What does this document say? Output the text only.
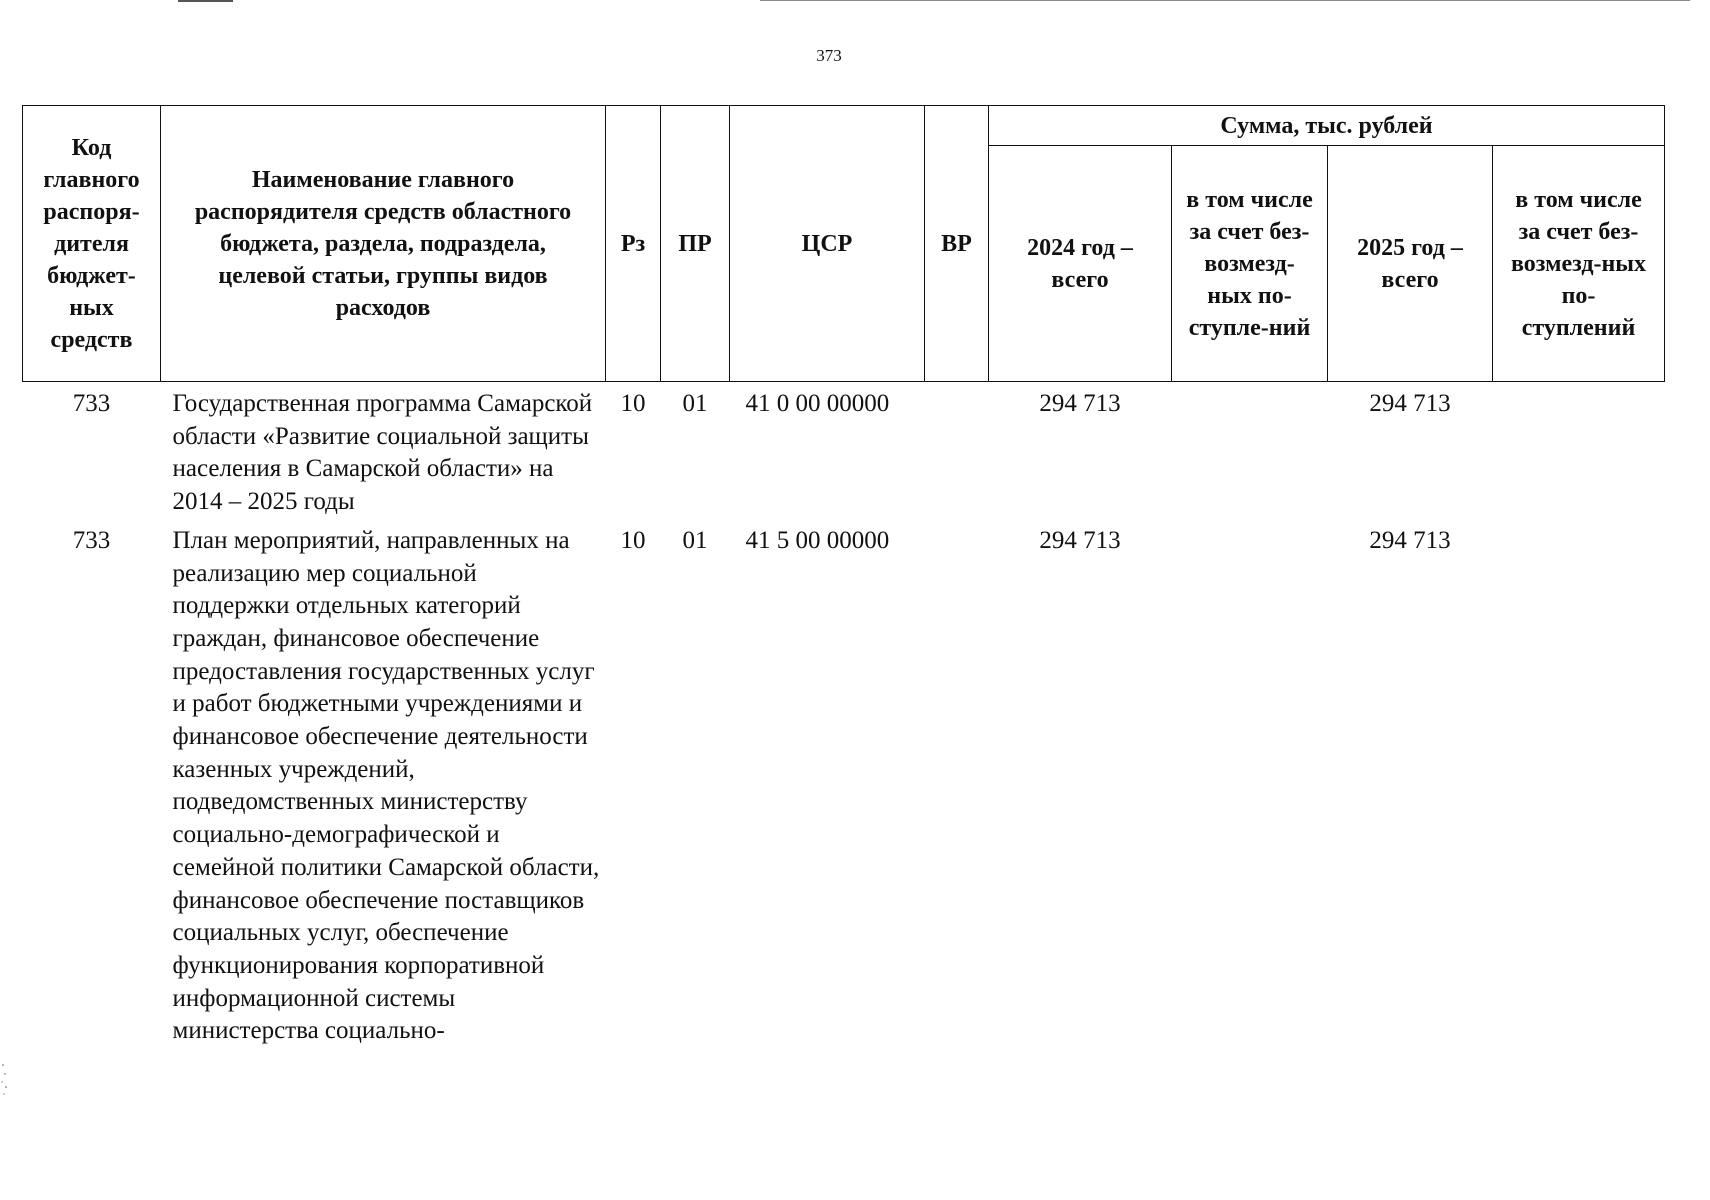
373
Код главного распоря-дителя бюджет-ных средств	Наименование главного распорядителя средств областного бюджета, раздела, подраздела, целевой статьи, группы видов расходов	Рз	ПР	ЦСР	ВР	Сумма, тыс. рублей			
						2024 год – всего	в том числе за счет без-возмезд-ных по-ступле-ний	2025 год – всего	в том числе за счет без-возмезд-ных по-ступлений
733	Государственная программа Самарской области «Развитие социальной защиты населения в Самарской области» на 2014 – 2025 годы	10	01	41 0 00 00000		294 713		294 713	
733	План мероприятий, направленных на реализацию мер социальной поддержки отдельных категорий граждан, финансовое обеспечение предоставления государственных услуг и работ бюджетными учреждениями и финансовое обеспечение деятельности казенных учреждений, подведомственных министерству социально-демографической и семейной политики Самарской области, финансовое обеспечение поставщиков социальных услуг, обеспечение функционирования корпоративной информационной системы министерства социально-	10	01	41 5 00 00000		294 713		294 713	
